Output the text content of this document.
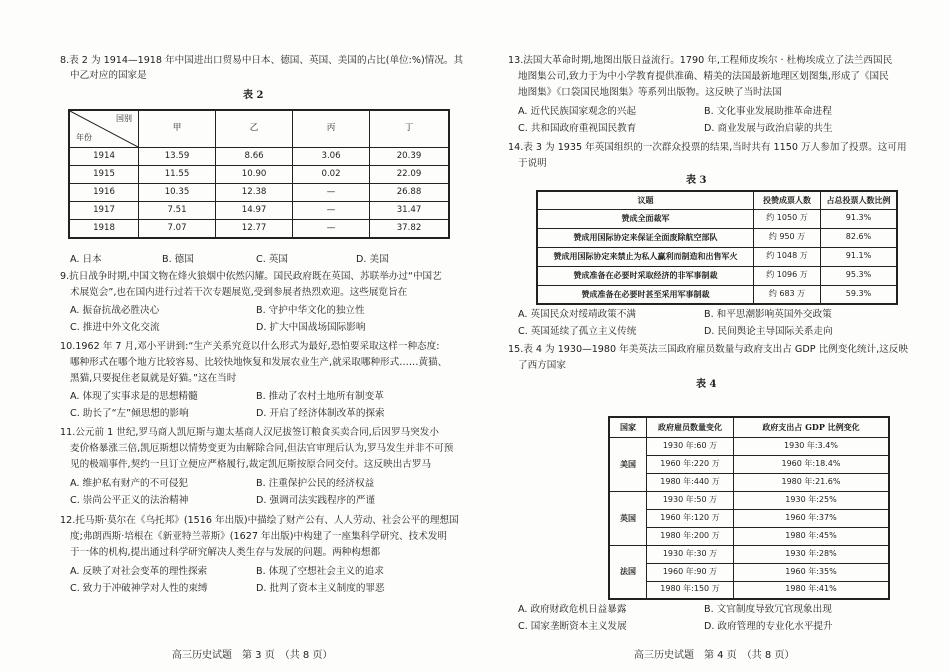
8.表 2 为 1914—1918 年中国进出口贸易中日本、德国、英国、美国的占比(单位:%)情况。其
中乙对应的国家是
表 2
国别
年份	甲	乙	丙	丁
1914	13.59	8.66	3.06	20.39
1915	11.55	10.90	0.02	22.09
1916	10.35	12.38	—	26.88
1917	7.51	14.97	—	31.47
1918	7.07	12.77	—	37.82
A. 日本	B. 德国	C. 英国	D. 美国
9.抗日战争时期,中国文物在烽火狼烟中依然闪耀。国民政府既在英国、苏联举办过“中国艺
术展览会”,也在国内进行过若干次专题展览,受到参展者热烈欢迎。这些展览旨在
A. 振奋抗战必胜决心	B. 守护中华文化的独立性
C. 推进中外文化交流	D. 扩大中国战场国际影响
10.1962 年 7 月,邓小平讲到:“生产关系究竟以什么形式为最好,恐怕要采取这样一种态度:
哪种形式在哪个地方比较容易、比较快地恢复和发展农业生产,就采取哪种形式……黄猫、
黑猫,只要捉住老鼠就是好猫。”这在当时
A. 体现了实事求是的思想精髓	B. 推动了农村土地所有制变革
C. 助长了“左”倾思想的影响	D. 开启了经济体制改革的探索
11.公元前 1 世纪,罗马商人凯厄斯与迦太基商人汉尼拔签订粮食买卖合同,后因罗马突发小
麦价格暴涨三倍,凯厄斯想以情势变更为由解除合同,但法官审理后认为,罗马发生并非不可预
见的极端事件,契约一旦订立便应严格履行,裁定凯厄斯按原合同交付。这反映出古罗马
A. 维护私有财产的不可侵犯	B. 注重保护公民的经济权益
C. 崇尚公平正义的法治精神	D. 强调司法实践程序的严谨
12.托马斯·莫尔在《乌托邦》(1516 年出版)中描绘了财产公有、人人劳动、社会公平的理想国
度;弗朗西斯·培根在《新亚特兰蒂斯》(1627 年出版)中构建了一座集科学研究、技术发明
于一体的机构,提出通过科学研究解决人类生存与发展的问题。两种构想都
A. 反映了对社会变革的理性探索	B. 体现了空想社会主义的追求
C. 致力于冲破神学对人性的束缚	D. 批判了资本主义制度的罪恶
高三历史试题　第 3 页　（共 8 页）
13.法国大革命时期,地图出版日益流行。1790 年,工程师皮埃尔 · 杜梅埃成立了法兰西国民
地图集公司,致力于为中小学教育提供准确、精美的法国最新地理区划图集,形成了《国民
地图集》《口袋国民地图集》等系列出版物。这反映了当时法国
A. 近代民族国家观念的兴起	B. 文化事业发展助推革命进程
C. 共和国政府重视国民教育	D. 商业发展与政治启蒙的共生
14.表 3 为 1935 年英国组织的一次群众投票的结果,当时共有 1150 万人参加了投票。这可用
于说明
表 3
议题	投赞成票人数	占总投票人数比例
赞成全面裁军	约 1050 万	91.3%
赞成用国际协定来保证全面废除航空部队	约 950 万	82.6%
赞成用国际协定来禁止为私人赢利而制造和出售军火	约 1048 万	91.1%
赞成准备在必要时采取经济的非军事制裁	约 1096 万	95.3%
赞成准备在必要时甚至采用军事制裁	约 683 万	59.3%
A. 英国民众对绥靖政策不满	B. 和平思潮影响英国外交政策
C. 英国延续了孤立主义传统	D. 民间舆论主导国际关系走向
15.表 4 为 1930—1980 年美英法三国政府雇员数量与政府支出占 GDP 比例变化统计,这反映
了西方国家
表 4
国家	政府雇员数量变化	政府支出占 GDP 比例变化
美国	1930 年:60 万	1930 年:3.4%
	1960 年:220 万	1960 年:18.4%
	1980 年:440 万	1980 年:21.6%
英国	1930 年:50 万	1930 年:25%
	1960 年:120 万	1960 年:37%
	1980 年:200 万	1980 年:45%
法国	1930 年:30 万	1930 年:28%
	1960 年:90 万	1960 年:35%
	1980 年:150 万	1980 年:41%
A. 政府财政危机日益暴露	B. 文官制度导致冗官现象出现
C. 国家垄断资本主义发展	D. 政府管理的专业化水平提升
高三历史试题　第 4 页　（共 8 页）
